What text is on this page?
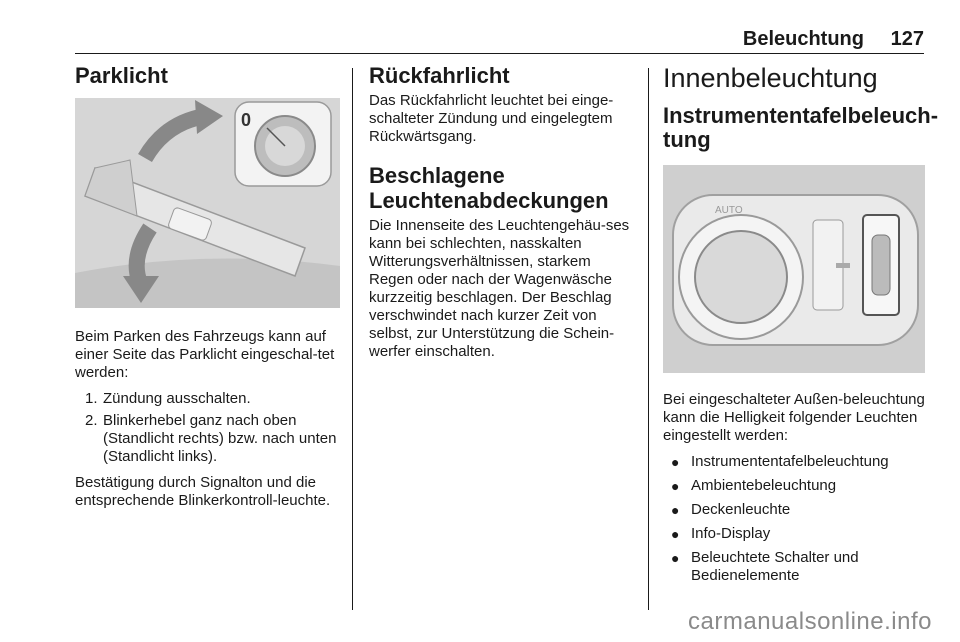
Beleuchtung 127
Parklicht
0

Beim Parken des Fahrzeugs kann auf einer Seite das Parklicht eingeschal-tet werden:

1. Zündung ausschalten.
2. Blinkerhebel ganz nach oben (Standlicht rechts) bzw. nach unten (Standlicht links).

Bestätigung durch Signalton und die entsprechende Blinkerkontroll-leuchte.

Rückfahrlicht

Das Rückfahrlicht leuchtet bei einge-schalteter Zündung und eingelegtem Rückwärtsgang.

Beschlagene Leuchtenabdeckungen

Die Innenseite des Leuchtengehäu-ses kann bei schlechten, nasskalten Witterungsverhältnissen, starkem Regen oder nach der Wagenwäsche kurzzeitig beschlagen. Der Beschlag verschwindet nach kurzer Zeit von selbst, zur Unterstützung die Schein-werfer einschalten.

Innenbeleuchtung
Instrumententafelbeleuch-tung
AUTO

Bei eingeschalteter Außen-beleuchtung kann die Helligkeit folgender Leuchten eingestellt werden:

● Instrumententafelbeleuchtung
● Ambientebeleuchtung
● Deckenleuchte
● Info-Display
● Beleuchtete Schalter und Bedienelemente
carmanualsonline.info
